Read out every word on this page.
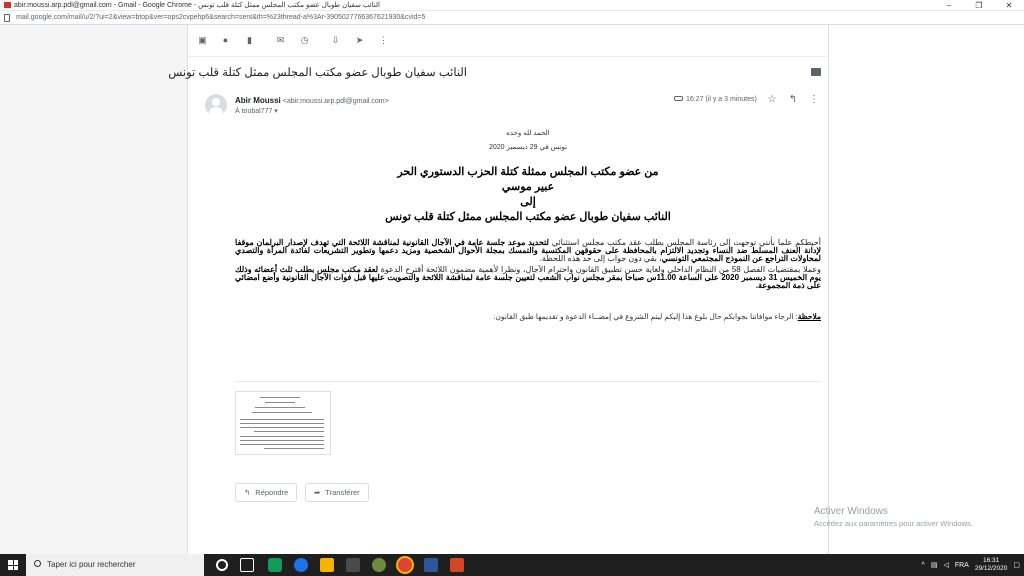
abir.moussi.arp.pdl@gmail.com - Gmail - Google Chrome - النائب سفيان طوبال عضو مكتب المجلس ممثل كتلة قلب تونس	–	❐	✕
mail.google.com/mail/u/2/?ui=2&view=btop&ver=ops2cvpehp6&search=sent&th=%23thread-a%3Ar-3905027766367621930&cvid=5
▣	●	▮	✉ ◷	⇩ ➤ ⋮
النائب سفيان طوبال عضو مكتب المجلس ممثل كتلة قلب تونس
Abir Moussi <abir.moussi.arp.pdl@gmail.com>
À toubal777 ▾
16:27 (il y a 3 minutes) ☆ ↰ ⋮
الحمد لله وحده
تونس في 29 ديسمبر 2020
من عضو مكتب المجلس ممثلة كتلة الحزب الدستوري الحر
عبير موسي
إلى
النائب سفيان طوبال عضو مكتب المجلس ممثل كتلة قلب تونس
أحيطكم علما بأنني توجهت إلى رئاسة المجلس بطلب عقد مكتب مجلس استثنائي لتحديد موعد جلسة عامة في الآجال القانونية لمناقشة اللائحة التي تهدف لإصدار البرلمان موقفا لإدانة العنف المسلط ضد النساء وتجديد الالتزام بالمحافظة على حقوقهن المكتسبة والتمسك بمجلة الأحوال الشخصية ومزيد دعمها وتطوير التشريعات لفائدة المرأة والتصدي لمحاولات التراجع عن النموذج المجتمعي التونسي، بقي دون جواب إلى حد هذه اللحظة.
وعملا بمقتضيات الفصل 58 من النظام الداخلي ولغاية حسن تطبيق القانون واحترام الآجال، ونظرا لأهمية مضمون اللائحة أقترح الدعوة لعقد مكتب مجلس بطلب ثلث أعضائه وذلك يوم الخميس 31 ديسمبر 2020 على الساعة 11.00س صباحا بمقر مجلس نواب الشعب لتعيين جلسة عامة لمناقشة اللائحة والتصويت عليها قبل فوات الآجال القانونية وأضع امضائي على ذمة المجموعة.
ملاحظة: الرجاء موافاتنا بجوابكم حال بلوغ هذا إليكم ليتم الشروع في إمضــاء الدعوة و تقديمها طبق القانون.
↰ Répondre	➦ Transférer
Activer Windows
Accédez aux paramètres pour activer Windows.
Taper ici pour rechercher	^ ▤ ◁ FRA
16:31
29/12/2020 ▢
